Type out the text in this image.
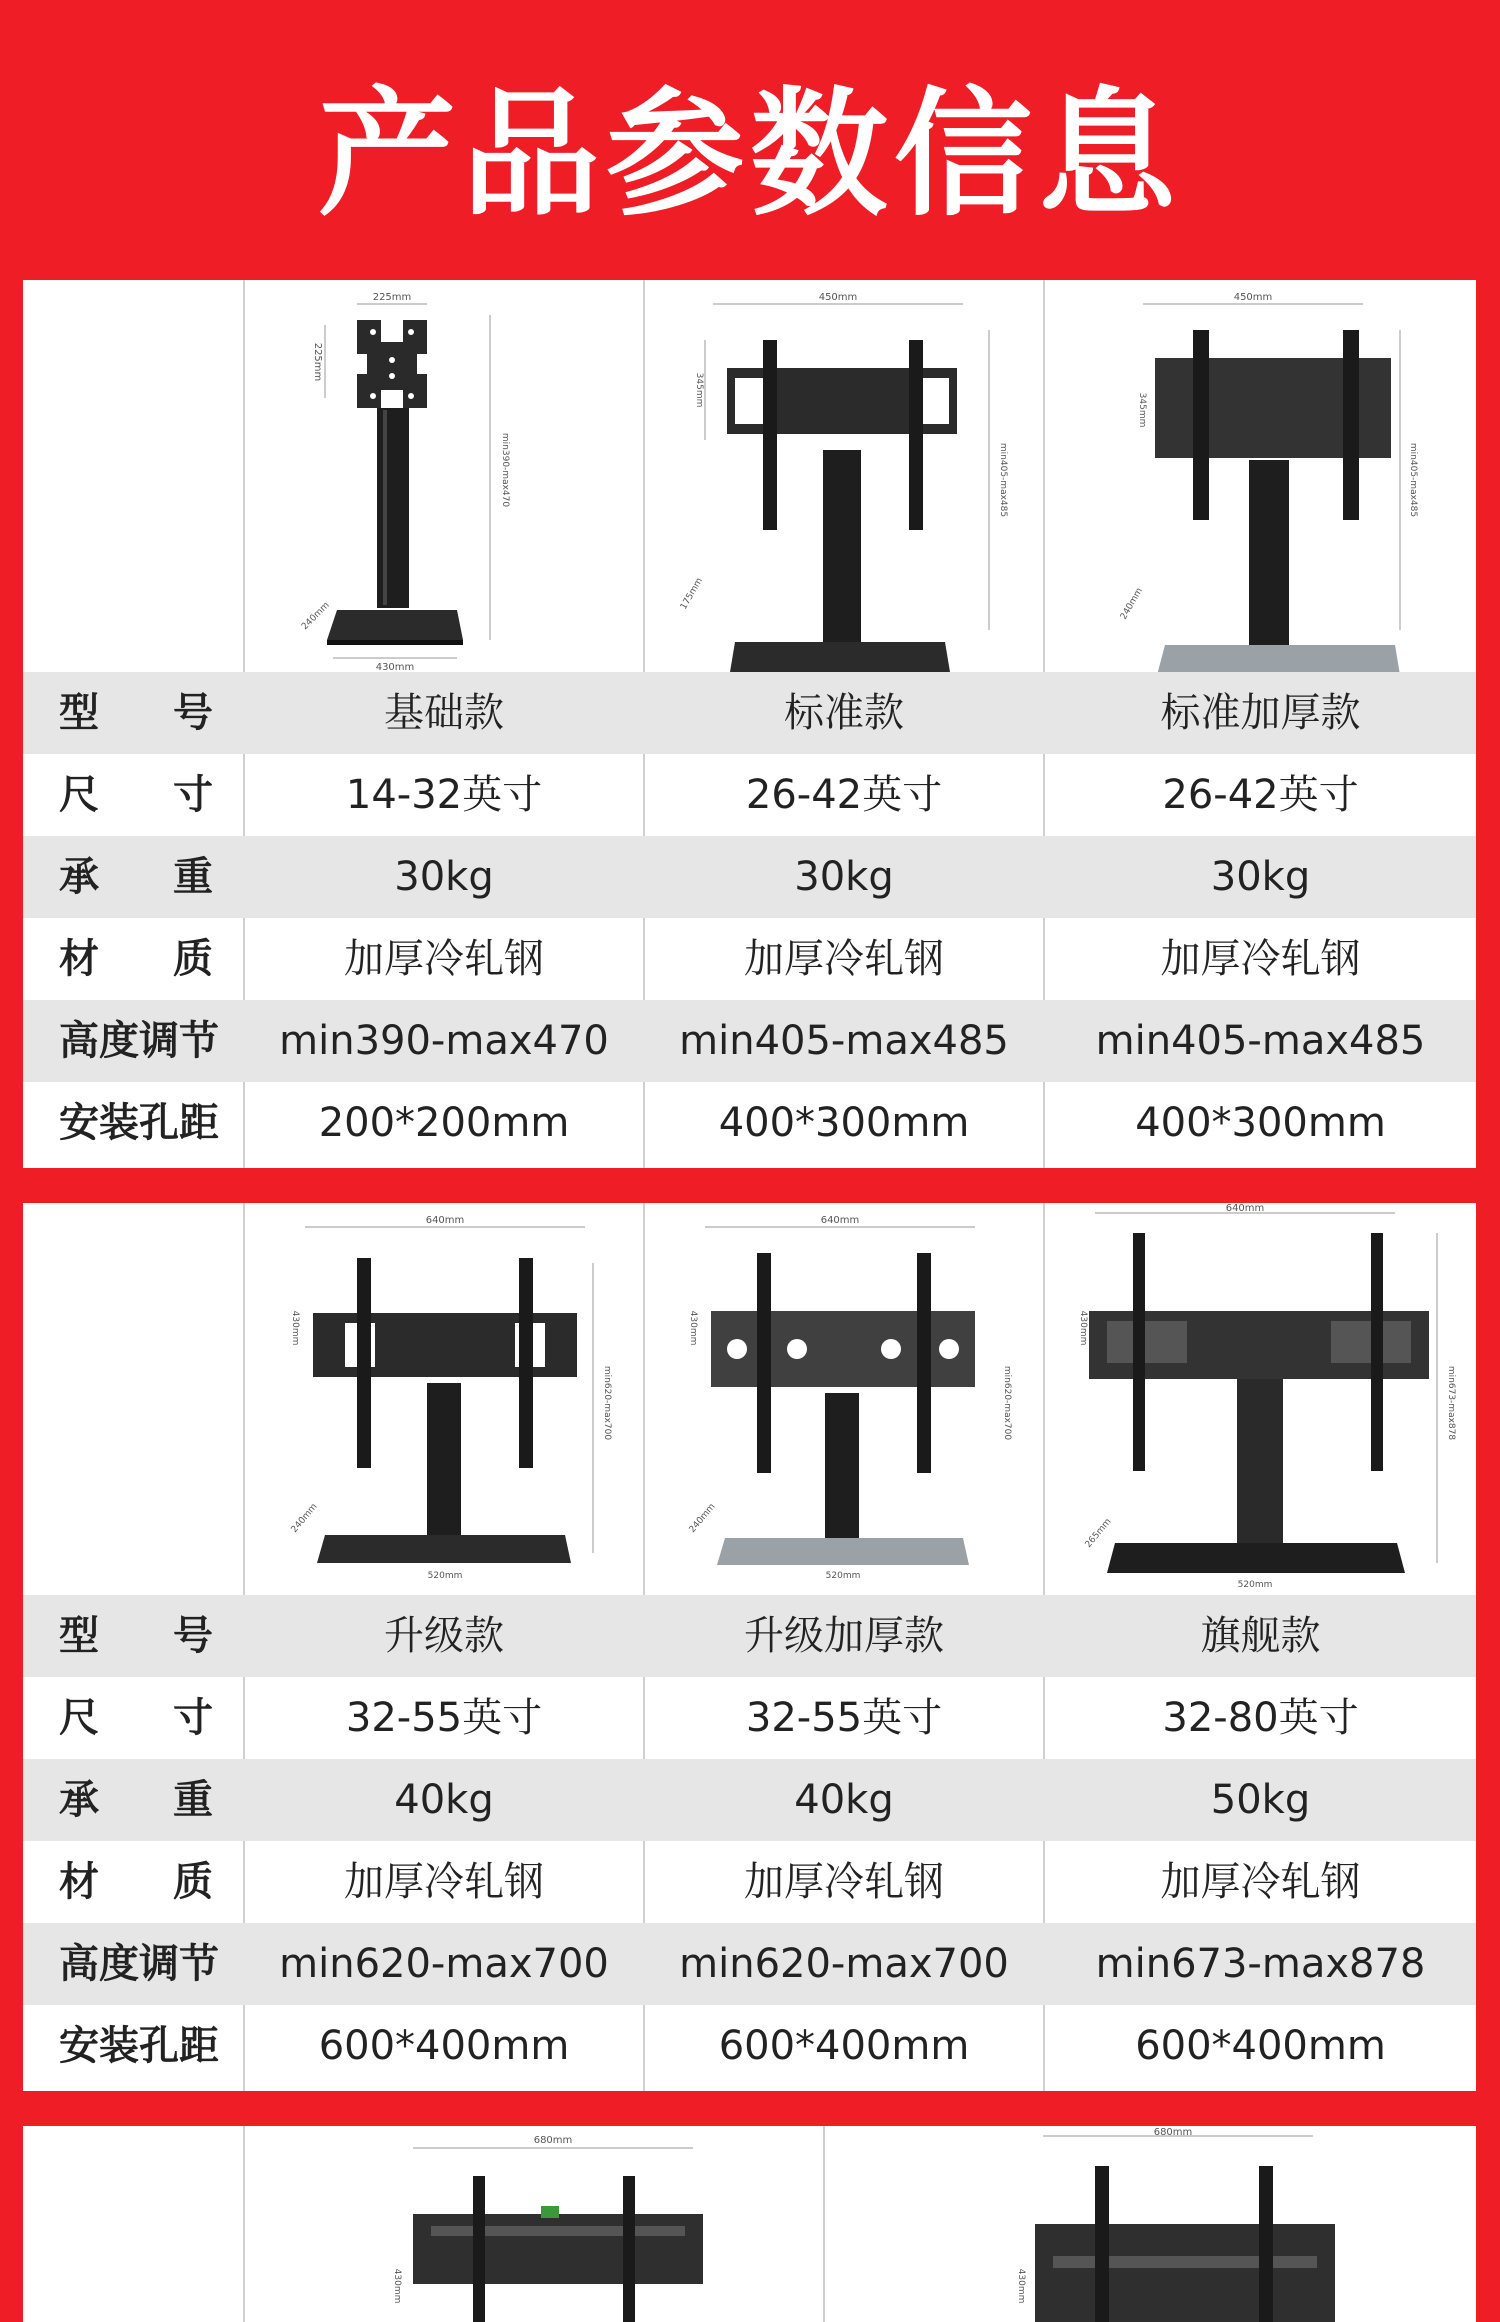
产品参数信息
225mm
225mm
430mm
240mm
min390-max470
450mm
345mm
175mm
min405-max485
450mm
345mm
min405-max485
240mm
型 号	基础款	标准款	标准加厚款
尺 寸	14-32英寸	26-42英寸	26-42英寸
承 重	30kg	30kg	30kg
材 质	加厚冷轧钢	加厚冷轧钢	加厚冷轧钢
高度调节	min390-max470	min405-max485	min405-max485
安装孔距	200*200mm	400*300mm	400*300mm
640mm
430mm
520mm
240mm
min620-max700
640mm
430mm
520mm
240mm
min620-max700
640mm
430mm
520mm
265mm
min673-max878
型 号	升级款	升级加厚款	旗舰款
尺 寸	32-55英寸	32-55英寸	32-80英寸
承 重	40kg	40kg	50kg
材 质	加厚冷轧钢	加厚冷轧钢	加厚冷轧钢
高度调节	min620-max700	min620-max700	min673-max878
安装孔距	600*400mm	600*400mm	600*400mm
680mm
430mm
680mm
430mm
